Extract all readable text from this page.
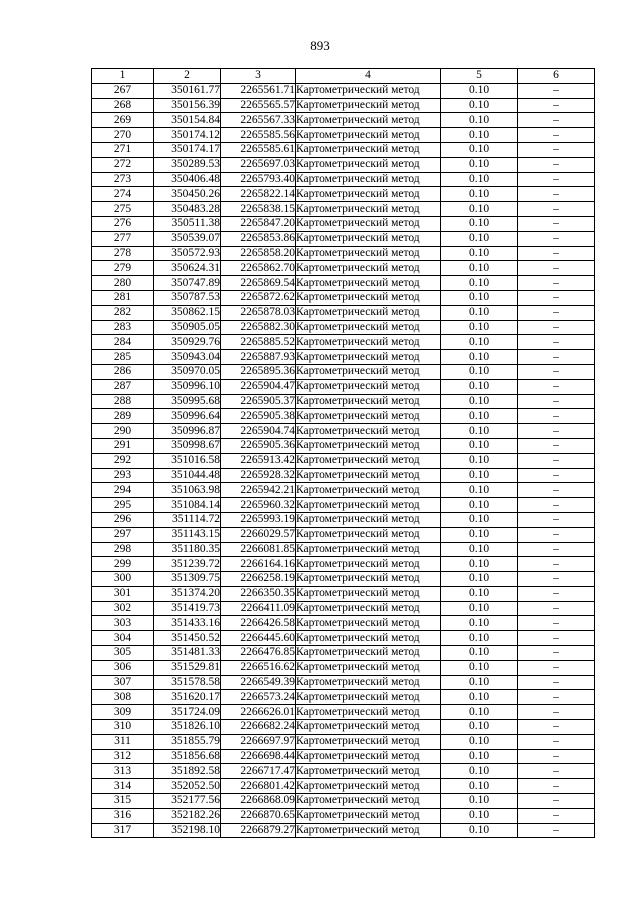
893
1	2	3	4	5	6
267	350161.77	2265561.71	Картометрический метод	0.10	–
268	350156.39	2265565.57	Картометрический метод	0.10	–
269	350154.84	2265567.33	Картометрический метод	0.10	–
270	350174.12	2265585.56	Картометрический метод	0.10	–
271	350174.17	2265585.61	Картометрический метод	0.10	–
272	350289.53	2265697.03	Картометрический метод	0.10	–
273	350406.48	2265793.40	Картометрический метод	0.10	–
274	350450.26	2265822.14	Картометрический метод	0.10	–
275	350483.28	2265838.15	Картометрический метод	0.10	–
276	350511.38	2265847.20	Картометрический метод	0.10	–
277	350539.07	2265853.86	Картометрический метод	0.10	–
278	350572.93	2265858.20	Картометрический метод	0.10	–
279	350624.31	2265862.70	Картометрический метод	0.10	–
280	350747.89	2265869.54	Картометрический метод	0.10	–
281	350787.53	2265872.62	Картометрический метод	0.10	–
282	350862.15	2265878.03	Картометрический метод	0.10	–
283	350905.05	2265882.30	Картометрический метод	0.10	–
284	350929.76	2265885.52	Картометрический метод	0.10	–
285	350943.04	2265887.93	Картометрический метод	0.10	–
286	350970.05	2265895.36	Картометрический метод	0.10	–
287	350996.10	2265904.47	Картометрический метод	0.10	–
288	350995.68	2265905.37	Картометрический метод	0.10	–
289	350996.64	2265905.38	Картометрический метод	0.10	–
290	350996.87	2265904.74	Картометрический метод	0.10	–
291	350998.67	2265905.36	Картометрический метод	0.10	–
292	351016.58	2265913.42	Картометрический метод	0.10	–
293	351044.48	2265928.32	Картометрический метод	0.10	–
294	351063.98	2265942.21	Картометрический метод	0.10	–
295	351084.14	2265960.32	Картометрический метод	0.10	–
296	351114.72	2265993.19	Картометрический метод	0.10	–
297	351143.15	2266029.57	Картометрический метод	0.10	–
298	351180.35	2266081.85	Картометрический метод	0.10	–
299	351239.72	2266164.16	Картометрический метод	0.10	–
300	351309.75	2266258.19	Картометрический метод	0.10	–
301	351374.20	2266350.35	Картометрический метод	0.10	–
302	351419.73	2266411.09	Картометрический метод	0.10	–
303	351433.16	2266426.58	Картометрический метод	0.10	–
304	351450.52	2266445.60	Картометрический метод	0.10	–
305	351481.33	2266476.85	Картометрический метод	0.10	–
306	351529.81	2266516.62	Картометрический метод	0.10	–
307	351578.58	2266549.39	Картометрический метод	0.10	–
308	351620.17	2266573.24	Картометрический метод	0.10	–
309	351724.09	2266626.01	Картометрический метод	0.10	–
310	351826.10	2266682.24	Картометрический метод	0.10	–
311	351855.79	2266697.97	Картометрический метод	0.10	–
312	351856.68	2266698.44	Картометрический метод	0.10	–
313	351892.58	2266717.47	Картометрический метод	0.10	–
314	352052.50	2266801.42	Картометрический метод	0.10	–
315	352177.56	2266868.09	Картометрический метод	0.10	–
316	352182.26	2266870.65	Картометрический метод	0.10	–
317	352198.10	2266879.27	Картометрический метод	0.10	–
